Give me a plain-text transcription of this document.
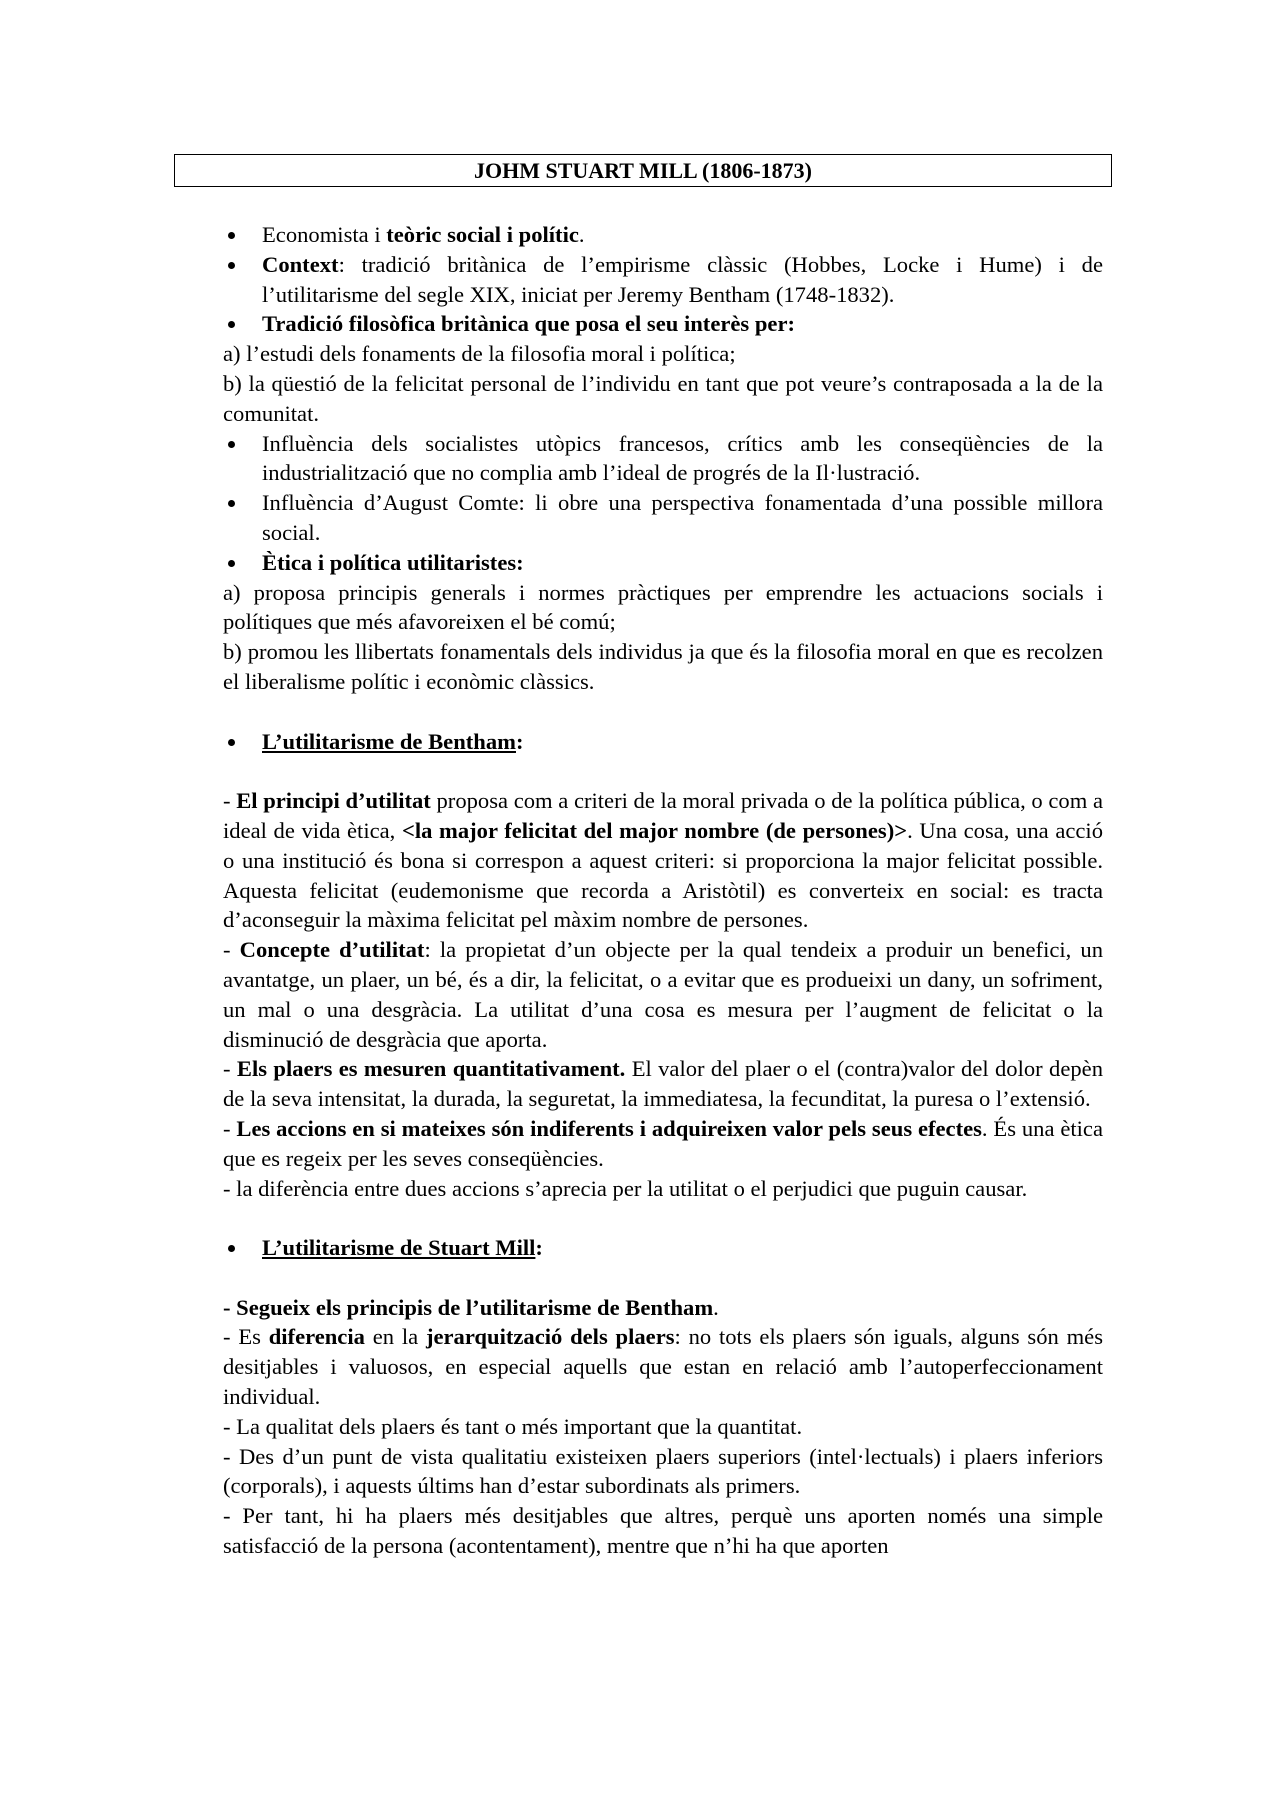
JOHM STUART MILL (1806-1873)
Economista i teòric social i polític.
Context: tradició britànica de l’empirisme clàssic (Hobbes, Locke i Hume) i de l’utilitarisme del segle XIX, iniciat per Jeremy Bentham (1748-1832).
Tradició filosòfica britànica que posa el seu interès per:
a) l’estudi dels fonaments de la filosofia moral i política;
b) la qüestió de la felicitat personal de l’individu en tant que pot veure’s contraposada a la de la comunitat.
Influència dels socialistes utòpics francesos, crítics amb les conseqüències de la industrialització que no complia amb l’ideal de progrés de la Il·lustració.
Influència d’August Comte: li obre una perspectiva fonamentada d’una possible millora social.
Ètica i política utilitaristes:
a) proposa principis generals i normes pràctiques per emprendre les actuacions socials i polítiques que més afavoreixen el bé comú;
b) promou les llibertats fonamentals dels individus ja que és la filosofia moral en que es recolzen el liberalisme polític i econòmic clàssics.
L’utilitarisme de Bentham:
- El principi d’utilitat proposa com a criteri de la moral privada o de la política pública, o com a ideal de vida ètica, <la major felicitat del major nombre (de persones)>. Una cosa, una acció o una institució és bona si correspon a aquest criteri: si proporciona la major felicitat possible. Aquesta felicitat (eudemonisme que recorda a Aristòtil) es converteix en social: es tracta d’aconseguir la màxima felicitat pel màxim nombre de persones.
- Concepte d’utilitat: la propietat d’un objecte per la qual tendeix a produir un benefici, un avantatge, un plaer, un bé, és a dir, la felicitat, o a evitar que es produeixi un dany, un sofriment, un mal o una desgràcia. La utilitat d’una cosa es mesura per l’augment de felicitat o la disminució de desgràcia que aporta.
- Els plaers es mesuren quantitativament. El valor del plaer o el (contra)valor del dolor depèn de la seva intensitat, la durada, la seguretat, la immediatesa, la fecunditat, la puresa o l’extensió.
- Les accions en si mateixes són indiferents i adquireixen valor pels seus efectes. És una ètica que es regeix per les seves conseqüències.
- la diferència entre dues accions s’aprecia per la utilitat o el perjudici que puguin causar.
L’utilitarisme de Stuart Mill:
- Segueix els principis de l’utilitarisme de Bentham.
- Es diferencia en la jerarquització dels plaers: no tots els plaers són iguals, alguns són més desitjables i valuosos, en especial aquells que estan en relació amb l’autoperfeccionament individual.
- La qualitat dels plaers és tant o més important que la quantitat.
- Des d’un punt de vista qualitatiu existeixen plaers superiors (intel·lectuals) i plaers inferiors (corporals), i aquests últims han d’estar subordinats als primers.
- Per tant, hi ha plaers més desitjables que altres, perquè uns aporten només una simple satisfacció de la persona (acontentament), mentre que n’hi ha que aporten
